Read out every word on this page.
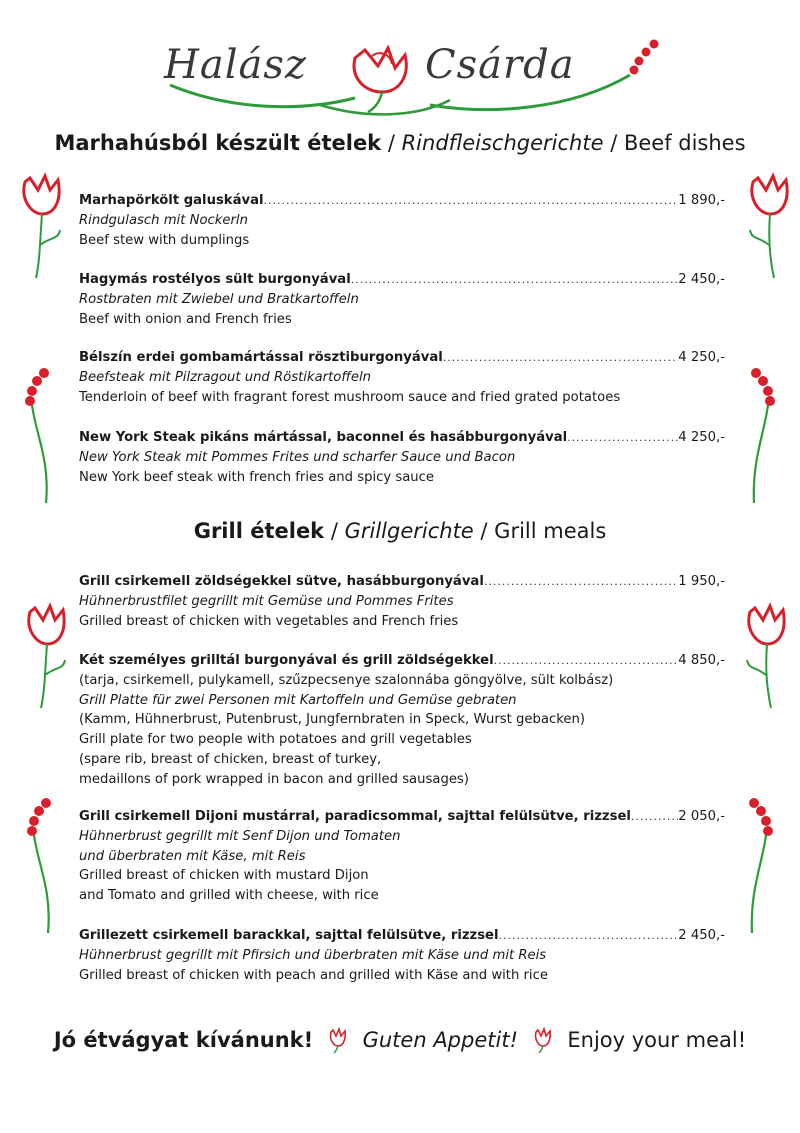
Halász	Csárda
Marhahúsból készült ételek / Rindfleischgerichte / Beef dishes
Marhapörkölt galuskával .....	1 890,-
Rindgulasch mit Nockerln
Beef stew with dumplings
Hagymás rostélyos sült burgonyával .....	2 450,-
Rostbraten mit Zwiebel und Bratkartoffeln
Beef with onion and French fries
Bélszín erdei gombamártással rösztiburgonyával .....	4 250,-
Beefsteak mit Pilzragout und Röstikartoffeln
Tenderloin of beef with fragrant forest mushroom sauce and fried grated potatoes
New York Steak pikáns mártással, baconnel és hasábburgonyával .....	4 250,-
New York Steak mit Pommes Frites und scharfer Sauce und Bacon
New York beef steak with french fries and spicy sauce
Grill ételek / Grillgerichte / Grill meals
Grill csirkemell zöldségekkel sütve, hasábburgonyával .....	1 950,-
Hühnerbrustfilet gegrillt mit Gemüse und Pommes Frites
Grilled breast of chicken with vegetables and French fries
Két személyes grilltál burgonyával és grill zöldségekkel .....	4 850,-
(tarja, csirkemell, pulykamell, szűzpecsenye szalonnába göngyölve, sült kolbász)
Grill Platte für zwei Personen mit Kartoffeln und Gemüse gebraten
(Kamm, Hühnerbrust, Putenbrust, Jungfernbraten in Speck, Wurst gebacken)
Grill plate for two people with potatoes and grill vegetables
(spare rib, breast of chicken, breast of turkey,
medaillons of pork wrapped in bacon and grilled sausages)
Grill csirkemell Dijoni mustárral, paradicsommal, sajttal felülsütve, rizzsel .....	2 050,-
Hühnerbrust gegrillt mit Senf Dijon und Tomaten
und überbraten mit Käse, mit Reis
Grilled breast of chicken with mustard Dijon
and Tomato and grilled with cheese, with rice
Grillezett csirkemell barackkal, sajttal felülsütve, rizzsel .....	2 450,-
Hühnerbrust gegrillt mit Pfirsich und überbraten mit Käse und mit Reis
Grilled breast of chicken with peach and grilled with Käse and with rice
Jó étvágyat kívánunk! Guten Appetit! Enjoy your meal!
